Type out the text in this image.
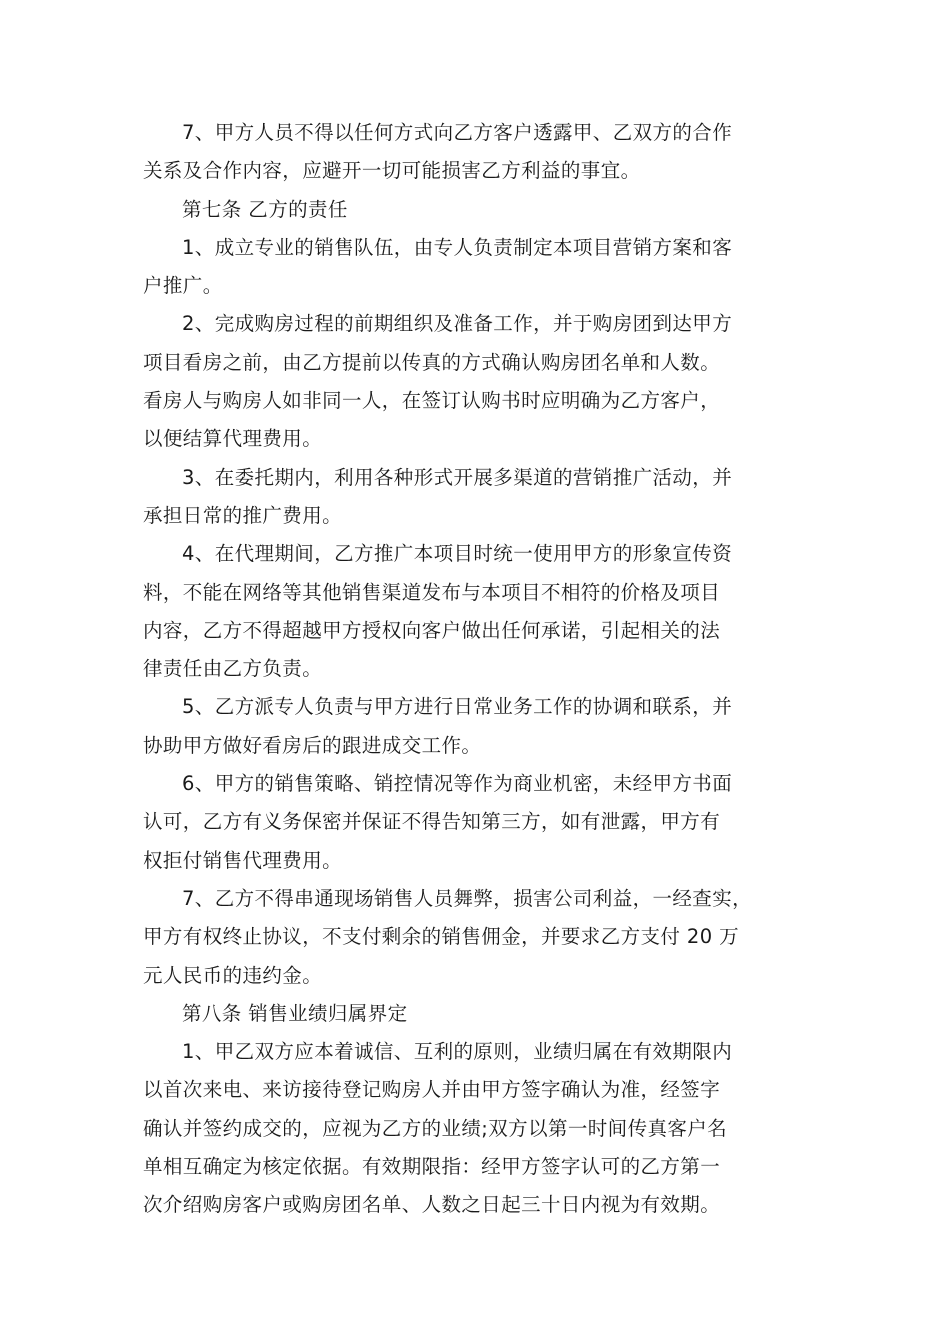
7、甲方人员不得以任何方式向乙方客户透露甲、乙双方的合作
关系及合作内容，应避开一切可能损害乙方利益的事宜。
第七条 乙方的责任
1、成立专业的销售队伍，由专人负责制定本项目营销方案和客
户推广。
2、完成购房过程的前期组织及准备工作，并于购房团到达甲方
项目看房之前，由乙方提前以传真的方式确认购房团名单和人数。
看房人与购房人如非同一人，在签订认购书时应明确为乙方客户，
以便结算代理费用。
3、在委托期内，利用各种形式开展多渠道的营销推广活动，并
承担日常的推广费用。
4、在代理期间，乙方推广本项目时统一使用甲方的形象宣传资
料，不能在网络等其他销售渠道发布与本项目不相符的价格及项目
内容，乙方不得超越甲方授权向客户做出任何承诺，引起相关的法
律责任由乙方负责。
5、乙方派专人负责与甲方进行日常业务工作的协调和联系，并
协助甲方做好看房后的跟进成交工作。
6、甲方的销售策略、销控情况等作为商业机密，未经甲方书面
认可，乙方有义务保密并保证不得告知第三方，如有泄露，甲方有
权拒付销售代理费用。
7、乙方不得串通现场销售人员舞弊，损害公司利益，一经查实，
甲方有权终止协议，不支付剩余的销售佣金，并要求乙方支付 20 万
元人民币的违约金。
第八条 销售业绩归属界定
1、甲乙双方应本着诚信、互利的原则，业绩归属在有效期限内
以首次来电、来访接待登记购房人并由甲方签字确认为准，经签字
确认并签约成交的，应视为乙方的业绩;双方以第一时间传真客户名
单相互确定为核定依据。有效期限指：经甲方签字认可的乙方第一
次介绍购房客户或购房团名单、人数之日起三十日内视为有效期。
